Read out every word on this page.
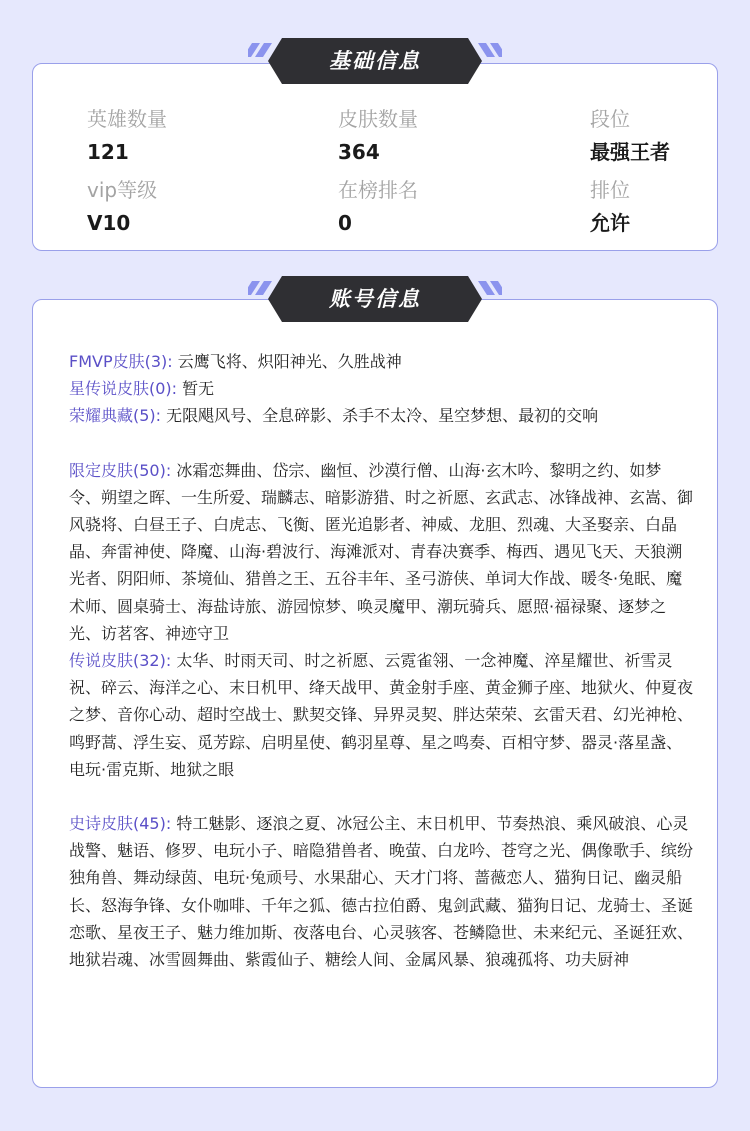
英雄数量
121
皮肤数量
364
段位
最强王者
vip等级
V10
在榜排名
0
排位
允许
基础信息
FMVP皮肤(3): 云鹰飞将、炽阳神光、久胜战神
星传说皮肤(0): 暂无
荣耀典藏(5): 无限飓风号、全息碎影、杀手不太冷、星空梦想、最初的交响
限定皮肤(50): 冰霜恋舞曲、岱宗、幽恒、沙漠行僧、山海·玄木吟、黎明之约、如梦令、朔望之晖、一生所爱、瑞麟志、暗影游猎、时之祈愿、玄武志、冰锋战神、玄嵩、御风骁将、白昼王子、白虎志、飞衡、匿光追影者、神威、龙胆、烈魂、大圣娶亲、白晶晶、奔雷神使、降魔、山海·碧波行、海滩派对、青春决赛季、梅西、遇见飞天、天狼溯光者、阴阳师、茶境仙、猎兽之王、五谷丰年、圣弓游侠、单词大作战、暖冬·兔眠、魔术师、圆桌骑士、海盐诗旅、游园惊梦、唤灵魔甲、潮玩骑兵、愿照·福禄聚、逐梦之光、访茗客、神迹守卫
传说皮肤(32): 太华、时雨天司、时之祈愿、云霓雀翎、一念神魔、淬星耀世、祈雪灵祝、碎云、海洋之心、末日机甲、绛天战甲、黄金射手座、黄金狮子座、地狱火、仲夏夜之梦、音你心动、超时空战士、默契交锋、异界灵契、胖达荣荣、玄雷天君、幻光神枪、鸣野蒿、浮生妄、觅芳踪、启明星使、鹤羽星尊、星之鸣奏、百相守梦、器灵·落星盏、电玩·雷克斯、地狱之眼
史诗皮肤(45): 特工魅影、逐浪之夏、冰冠公主、末日机甲、节奏热浪、乘风破浪、心灵战警、魅语、修罗、电玩小子、暗隐猎兽者、晚萤、白龙吟、苍穹之光、偶像歌手、缤纷独角兽、舞动绿茵、电玩·兔顽号、水果甜心、天才门将、蔷薇恋人、猫狗日记、幽灵船长、怒海争锋、女仆咖啡、千年之狐、德古拉伯爵、鬼剑武藏、猫狗日记、龙骑士、圣诞恋歌、星夜王子、魅力维加斯、夜落电台、心灵骇客、苍鳞隐世、未来纪元、圣诞狂欢、地狱岩魂、冰雪圆舞曲、紫霞仙子、糖绘人间、金属风暴、狼魂孤将、功夫厨神
账号信息
